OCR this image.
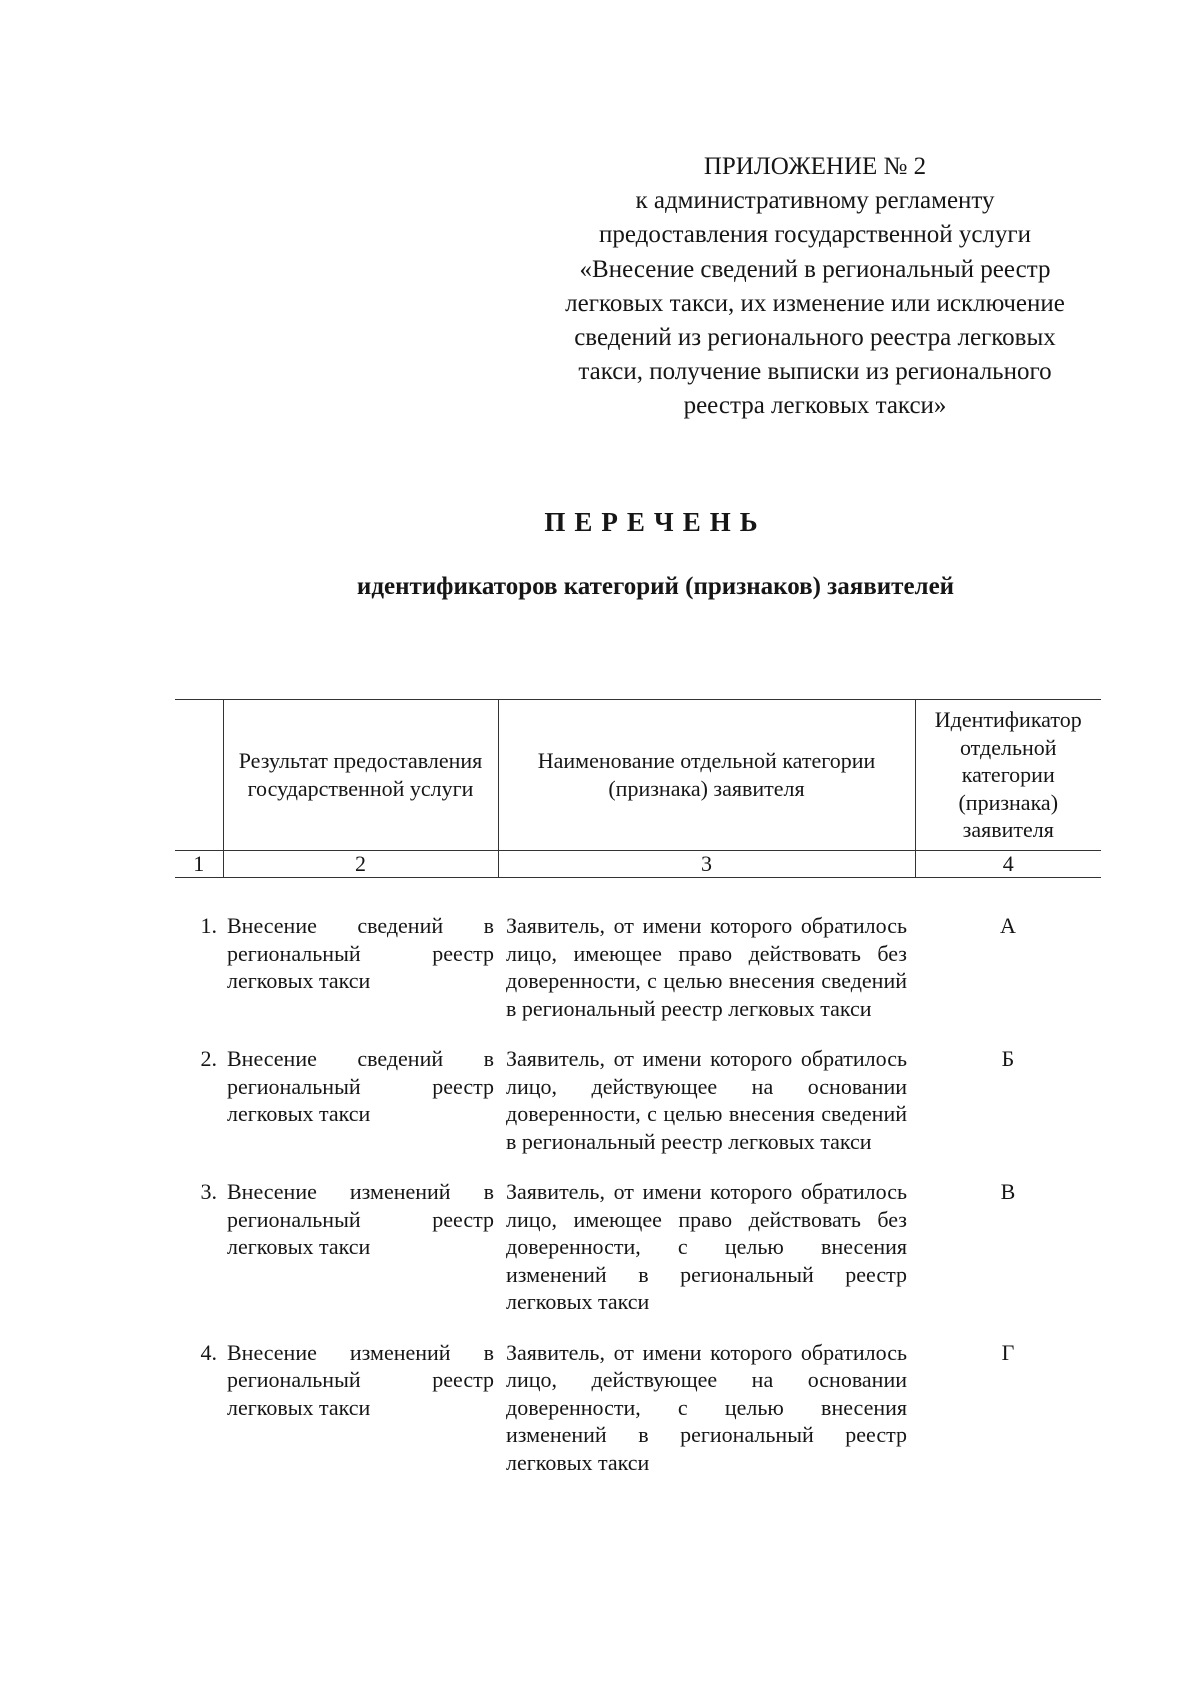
ПРИЛОЖЕНИЕ № 2
к административному регламенту
предоставления государственной услуги
«Внесение сведений в региональный реестр
легковых такси, их изменение или исключение
сведений из регионального реестра легковых
такси, получение выписки из регионального
реестра легковых такси»
ПЕРЕЧЕНЬ
идентификаторов категорий (признаков) заявителей
	Результат предоставления государственной услуги	Наименование отдельной категории (признака) заявителя	Идентификатор отдельной категории (признака) заявителя
1	2	3	4
1.	Внесение сведений в региональный реестр легковых такси	Заявитель, от имени которого обратилось лицо, имеющее право действовать без доверенности, с целью внесения сведений в региональный реестр легковых такси	А
2.	Внесение сведений в региональный реестр легковых такси	Заявитель, от имени которого обратилось лицо, действующее на основании доверенности, с целью внесения сведений в региональный реестр легковых такси	Б
3.	Внесение изменений в региональный реестр легковых такси	Заявитель, от имени которого обратилось лицо, имеющее право действовать без доверенности, с целью внесения изменений в региональный реестр легковых такси	В
4.	Внесение изменений в региональный реестр легковых такси	Заявитель, от имени которого обратилось лицо, действующее на основании доверенности, с целью внесения изменений в региональный реестр легковых такси	Г
